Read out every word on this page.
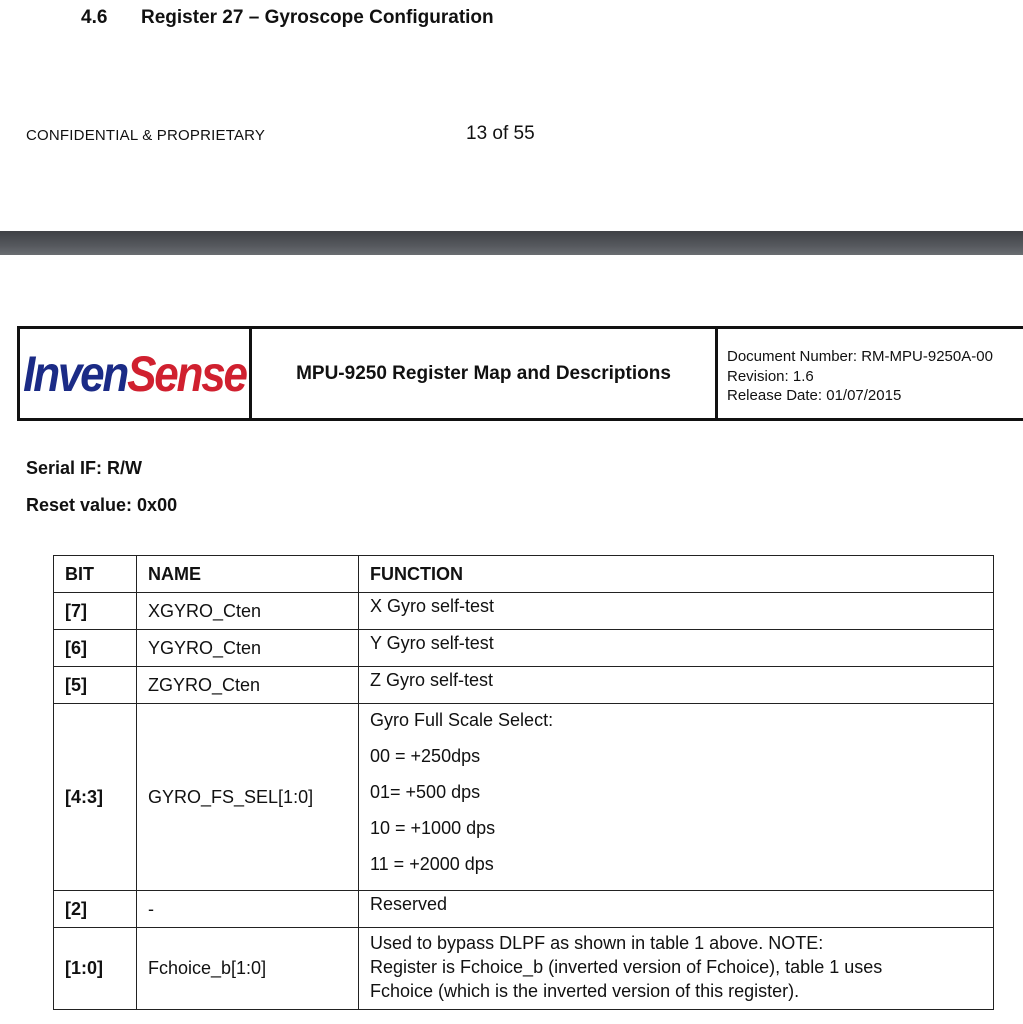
4.6 Register 27 – Gyroscope Configuration
CONFIDENTIAL & PROPRIETARY	13 of 55
InvenSense	MPU-9250 Register Map and Descriptions
Document Number: RM-MPU-9250A-00
Revision: 1.6
Release Date: 01/07/2015
Serial IF: R/W
Reset value: 0x00
BIT	NAME	FUNCTION
[7]	XGYRO_Cten	X Gyro self-test
[6]	YGYRO_Cten	Y Gyro self-test
[5]	ZGYRO_Cten	Z Gyro self-test
[4:3]	GYRO_FS_SEL[1:0]	Gyro Full Scale Select:
00 = +250dps
01= +500 dps
10 = +1000 dps
11 = +2000 dps

[2]	-	Reserved
[1:0]	Fchoice_b[1:0]	Used to bypass DLPF as shown in table 1 above. NOTE:
Register is Fchoice_b (inverted version of Fchoice), table 1 uses
Fchoice (which is the inverted version of this register).
